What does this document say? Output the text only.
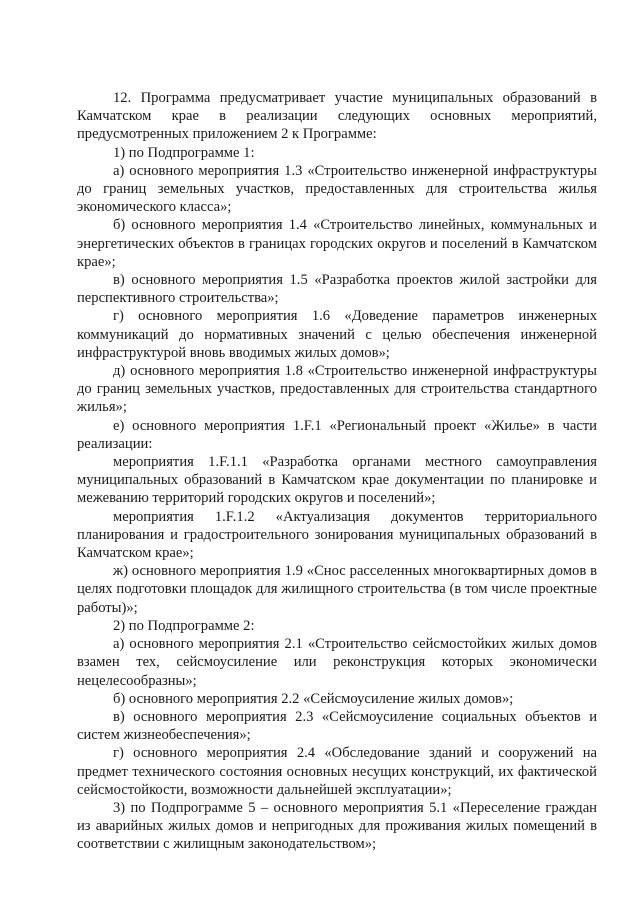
12. Программа предусматривает участие муниципальных образований в Камчатском крае в реализации следующих основных мероприятий, предусмотренных приложением 2 к Программе:

1) по Подпрограмме 1:

а) основного мероприятия 1.3 «Строительство инженерной инфраструктуры до границ земельных участков, предоставленных для строительства жилья экономического класса»;

б) основного мероприятия 1.4 «Строительство линейных, коммунальных и энергетических объектов в границах городских округов и поселений в Камчатском крае»;

в) основного мероприятия 1.5 «Разработка проектов жилой застройки для перспективного строительства»;

г) основного мероприятия 1.6 «Доведение параметров инженерных коммуникаций до нормативных значений с целью обеспечения инженерной инфраструктурой вновь вводимых жилых домов»;

д) основного мероприятия 1.8 «Строительство инженерной инфраструктуры до границ земельных участков, предоставленных для строительства стандартного жилья»;

е) основного мероприятия 1.F.1 «Региональный проект «Жилье» в части реализации:

мероприятия 1.F.1.1 «Разработка органами местного самоуправления муниципальных образований в Камчатском крае документации по планировке и межеванию территорий городских округов и поселений»;

мероприятия 1.F.1.2 «Актуализация документов территориального планирования и градостроительного зонирования муниципальных образований в Камчатском крае»;

ж) основного мероприятия 1.9 «Снос расселенных многоквартирных домов в целях подготовки площадок для жилищного строительства (в том числе проектные работы)»;

2) по Подпрограмме 2:

а) основного мероприятия 2.1 «Строительство сейсмостойких жилых домов взамен тех, сейсмоусиление или реконструкция которых экономически нецелесообразны»;

б) основного мероприятия 2.2 «Сейсмоусиление жилых домов»;

в) основного мероприятия 2.3 «Сейсмоусиление социальных объектов и систем жизнеобеспечения»;

г) основного мероприятия 2.4 «Обследование зданий и сооружений на предмет технического состояния основных несущих конструкций, их фактической сейсмостойкости, возможности дальнейшей эксплуатации»;

3) по Подпрограмме 5 – основного мероприятия 5.1 «Переселение граждан из аварийных жилых домов и непригодных для проживания жилых помещений в соответствии с жилищным законодательством»;
